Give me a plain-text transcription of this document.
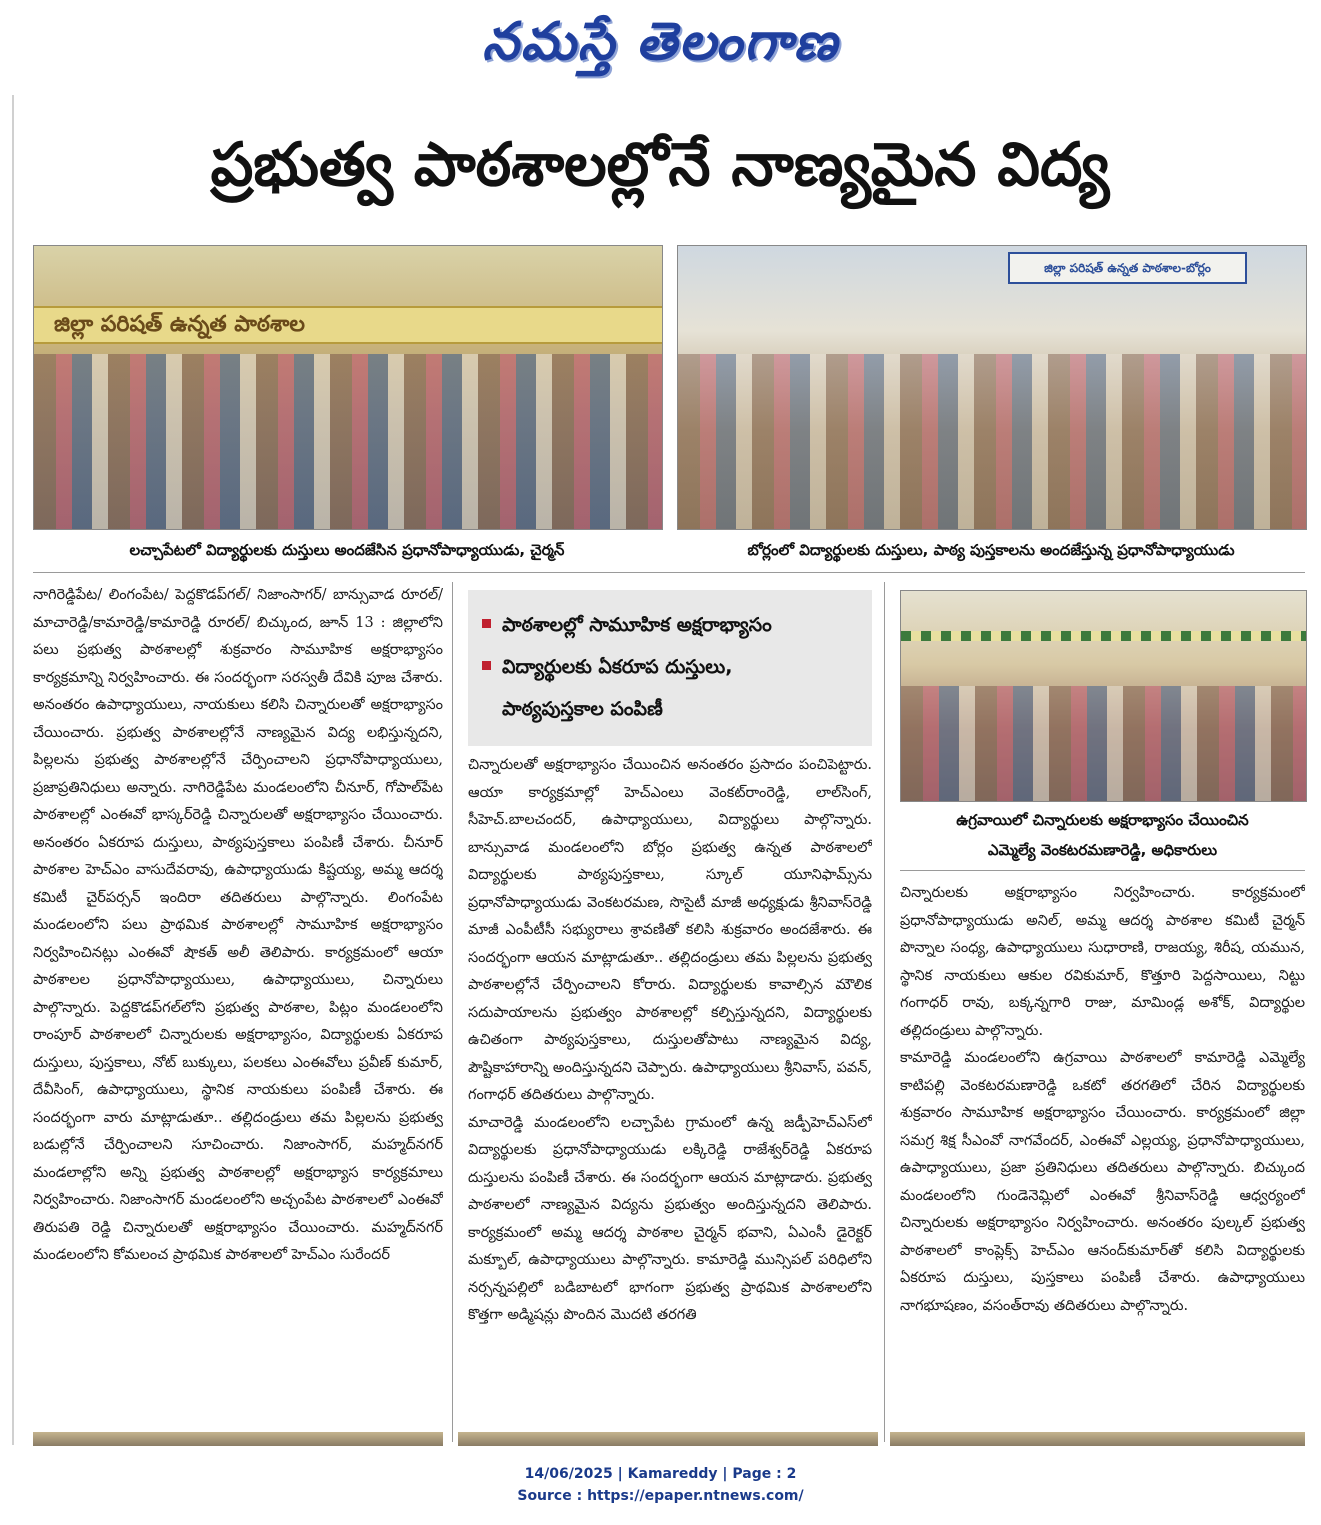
నమస్తే తెలంగాణ
ప్రభుత్వ పాఠశాలల్లోనే నాణ్యమైన విద్య
జిల్లా పరిషత్ ఉన్నత పాఠశాల
జిల్లా పరిషత్ ఉన్నత పాఠశాల-బోర్లం
లచ్చాపేటలో విద్యార్థులకు దుస్తులు అందజేసిన ప్రధానోపాధ్యాయుడు, చైర్మన్	బోర్లంలో విద్యార్థులకు దుస్తులు, పాఠ్య పుస్తకాలను అందజేస్తున్న ప్రధానోపాధ్యాయుడు

నాగిరెడ్డిపేట/ లింగంపేట/ పెద్దకొడప్‌గల్/ నిజాంసాగర్/ బాన్సువాడ రూరల్/మాచారెడ్డి/కామారెడ్డి/కామారెడ్డి రూరల్/ బిచ్కుంద, జూన్ 13 : జిల్లాలోని పలు ప్రభుత్వ పాఠశాలల్లో శుక్రవారం సామూహిక అక్షరాభ్యాసం కార్యక్రమాన్ని నిర్వహించారు. ఈ సందర్భంగా సరస్వతీ దేవికి పూజ చేశారు. అనంతరం ఉపాధ్యాయులు, నాయకులు కలిసి చిన్నారులతో అక్షరాభ్యాసం చేయించారు. ప్రభుత్వ పాఠశాలల్లోనే నాణ్యమైన విద్య లభిస్తున్నదని, పిల్లలను ప్రభుత్వ పాఠశాలల్లోనే చేర్పించాలని ప్రధానోపాధ్యాయులు, ప్రజాప్రతినిధులు అన్నారు. నాగిరెడ్డిపేట మండలంలోని చీనూర్, గోపాల్‌పేట పాఠశాలల్లో ఎంఈవో భాస్కర్‌రెడ్డి చిన్నారులతో అక్షరాభ్యాసం చేయించారు. అనంతరం ఏకరూప దుస్తులు, పాఠ్యపుస్తకాలు పంపిణీ చేశారు. చీనూర్ పాఠశాల హెచ్‌ఎం వాసుదేవరావు, ఉపాధ్యాయుడు కిష్టయ్య, అమ్మ ఆదర్శ కమిటీ చైర్‌పర్సన్ ఇందిరా తదితరులు పాల్గొన్నారు. లింగంపేట మండలంలోని పలు ప్రాథమిక పాఠశాలల్లో సామూహిక అక్షరాభ్యాసం నిర్వహించినట్లు ఎంఈవో షౌకత్ అలీ తెలిపారు. కార్యక్రమంలో ఆయా పాఠశాలల ప్రధానోపాధ్యాయులు, ఉపాధ్యాయులు, చిన్నారులు పాల్గొన్నారు. పెద్దకొడప్‌గల్‌లోని ప్రభుత్వ పాఠశాల, పిట్లం మండలంలోని రాంపూర్ పాఠశాలలో చిన్నారులకు అక్షరాభ్యాసం, విద్యార్థులకు ఏకరూప దుస్తులు, పుస్తకాలు, నోట్ బుక్కులు, పలకలు ఎంఈవోలు ప్రవీణ్ కుమార్, దేవీసింగ్, ఉపాధ్యాయులు, స్థానిక నాయకులు పంపిణీ చేశారు. ఈ సందర్భంగా వారు మాట్లాడుతూ.. తల్లిదండ్రులు తమ పిల్లలను ప్రభుత్వ బడుల్లోనే చేర్పించాలని సూచించారు. నిజాంసాగర్, మహ్మద్‌నగర్ మండలాల్లోని అన్ని ప్రభుత్వ పాఠశాలల్లో అక్షరాభ్యాస కార్యక్రమాలు నిర్వహించారు. నిజాంసాగర్ మండలంలోని అచ్చంపేట పాఠశాలలో ఎంఈవో తిరుపతి రెడ్డి చిన్నారులతో అక్షరాభ్యాసం చేయించారు. మహ్మద్‌నగర్ మండలంలోని కోమలంచ ప్రాథమిక పాఠశాలలో హెచ్‌ఎం సురేందర్

పాఠశాలల్లో సామూహిక అక్షరాభ్యాసం
విద్యార్థులకు ఏకరూప దుస్తులు,
పాఠ్యపుస్తకాల పంపిణీ

చిన్నారులతో అక్షరాభ్యాసం చేయించిన అనంతరం ప్రసాదం పంచిపెట్టారు. ఆయా కార్యక్రమాల్లో హెచ్‌ఎంలు వెంకట్‌రాంరెడ్డి, లాల్‌సింగ్, సీహెచ్.బాలచందర్, ఉపాధ్యాయులు, విద్యార్థులు పాల్గొన్నారు. బాన్సువాడ మండలంలోని బోర్లం ప్రభుత్వ ఉన్నత పాఠశాలలో విద్యార్థులకు పాఠ్యపుస్తకాలు, స్కూల్ యూనిఫామ్స్‌ను ప్రధానోపాధ్యాయుడు వెంకటరమణ, సొసైటీ మాజీ అధ్యక్షుడు శ్రీనివాస్‌రెడ్డి మాజీ ఎంపీటీసీ సభ్యురాలు శ్రావణితో కలిసి శుక్రవారం అందజేశారు. ఈ సందర్భంగా ఆయన మాట్లాడుతూ.. తల్లిదండ్రులు తమ పిల్లలను ప్రభుత్వ పాఠశాలల్లోనే చేర్పించాలని కోరారు. విద్యార్థులకు కావాల్సిన మౌలిక సదుపాయాలను ప్రభుత్వం పాఠశాలల్లో కల్పిస్తున్నదని, విద్యార్థులకు ఉచితంగా పాఠ్యపుస్తకాలు, దుస్తులతోపాటు నాణ్యమైన విద్య, పౌష్టికాహారాన్ని అందిస్తున్నదని చెప్పారు. ఉపాధ్యాయులు శ్రీనివాస్, పవన్, గంగాధర్ తదితరులు పాల్గొన్నారు.

మాచారెడ్డి మండలంలోని లచ్చాపేట గ్రామంలో ఉన్న జడ్పీహెచ్‌ఎస్‌లో విద్యార్థులకు ప్రధానోపాధ్యాయుడు లక్కిరెడ్డి రాజేశ్వర్‌రెడ్డి ఏకరూప దుస్తులను పంపిణీ చేశారు. ఈ సందర్భంగా ఆయన మాట్లాడారు. ప్రభుత్వ పాఠశాలలో నాణ్యమైన విద్యను ప్రభుత్వం అందిస్తున్నదని తెలిపారు. కార్యక్రమంలో అమ్మ ఆదర్శ పాఠశాల చైర్మన్ భవాని, ఏఎంసీ డైరెక్టర్ మక్బూల్, ఉపాధ్యాయులు పాల్గొన్నారు. కామారెడ్డి మున్సిపల్ పరిధిలోని నర్సన్నపల్లిలో బడిబాటలో భాగంగా ప్రభుత్వ ప్రాథమిక పాఠశాలలోని కొత్తగా అడ్మిషన్లు పొందిన మొదటి తరగతి

ఉగ్రవాయిలో చిన్నారులకు అక్షరాభ్యాసం చేయించిన
ఎమ్మెల్యే వెంకటరమణారెడ్డి, అధికారులు

చిన్నారులకు అక్షరాభ్యాసం నిర్వహించారు. కార్యక్రమంలో ప్రధానోపాధ్యాయుడు అనిల్, అమ్మ ఆదర్శ పాఠశాల కమిటీ చైర్మన్ పొన్నాల సంధ్య, ఉపాధ్యాయులు సుధారాణి, రాజయ్య, శిరీష, యమున, స్థానిక నాయకులు ఆకుల రవికుమార్, కొత్తూరి పెద్దసాయిలు, నిట్టు గంగాధర్ రావు, బక్కన్నగారి రాజు, మామిండ్ల అశోక్, విద్యార్థుల తల్లిదండ్రులు పాల్గొన్నారు.

కామారెడ్డి మండలంలోని ఉగ్రవాయి పాఠశాలలో కామారెడ్డి ఎమ్మెల్యే కాటిపల్లి వెంకటరమణారెడ్డి ఒకటో తరగతిలో చేరిన విద్యార్థులకు శుక్రవారం సామూహిక అక్షరాభ్యాసం చేయించారు. కార్యక్రమంలో జిల్లా సమగ్ర శిక్ష సీఎంవో నాగవేందర్, ఎంఈవో ఎల్లయ్య, ప్రధానోపాధ్యాయులు, ఉపాధ్యాయులు, ప్రజా ప్రతినిధులు తదితరులు పాల్గొన్నారు. బిచ్కుంద మండలంలోని గుండెనెమ్లిలో ఎంఈవో శ్రీనివాస్‌రెడ్డి ఆధ్వర్యంలో చిన్నారులకు అక్షరాభ్యాసం నిర్వహించారు. అనంతరం పుల్కల్ ప్రభుత్వ పాఠశాలలో కాంప్లెక్స్ హెచ్‌ఎం ఆనంద్‌కుమార్‌తో కలిసి విద్యార్థులకు ఏకరూప దుస్తులు, పుస్తకాలు పంపిణీ చేశారు. ఉపాధ్యాయులు నాగభూషణం, వసంత్‌రావు తదితరులు పాల్గొన్నారు.

14/06/2025 | Kamareddy | Page : 2
Source : https://epaper.ntnews.com/
